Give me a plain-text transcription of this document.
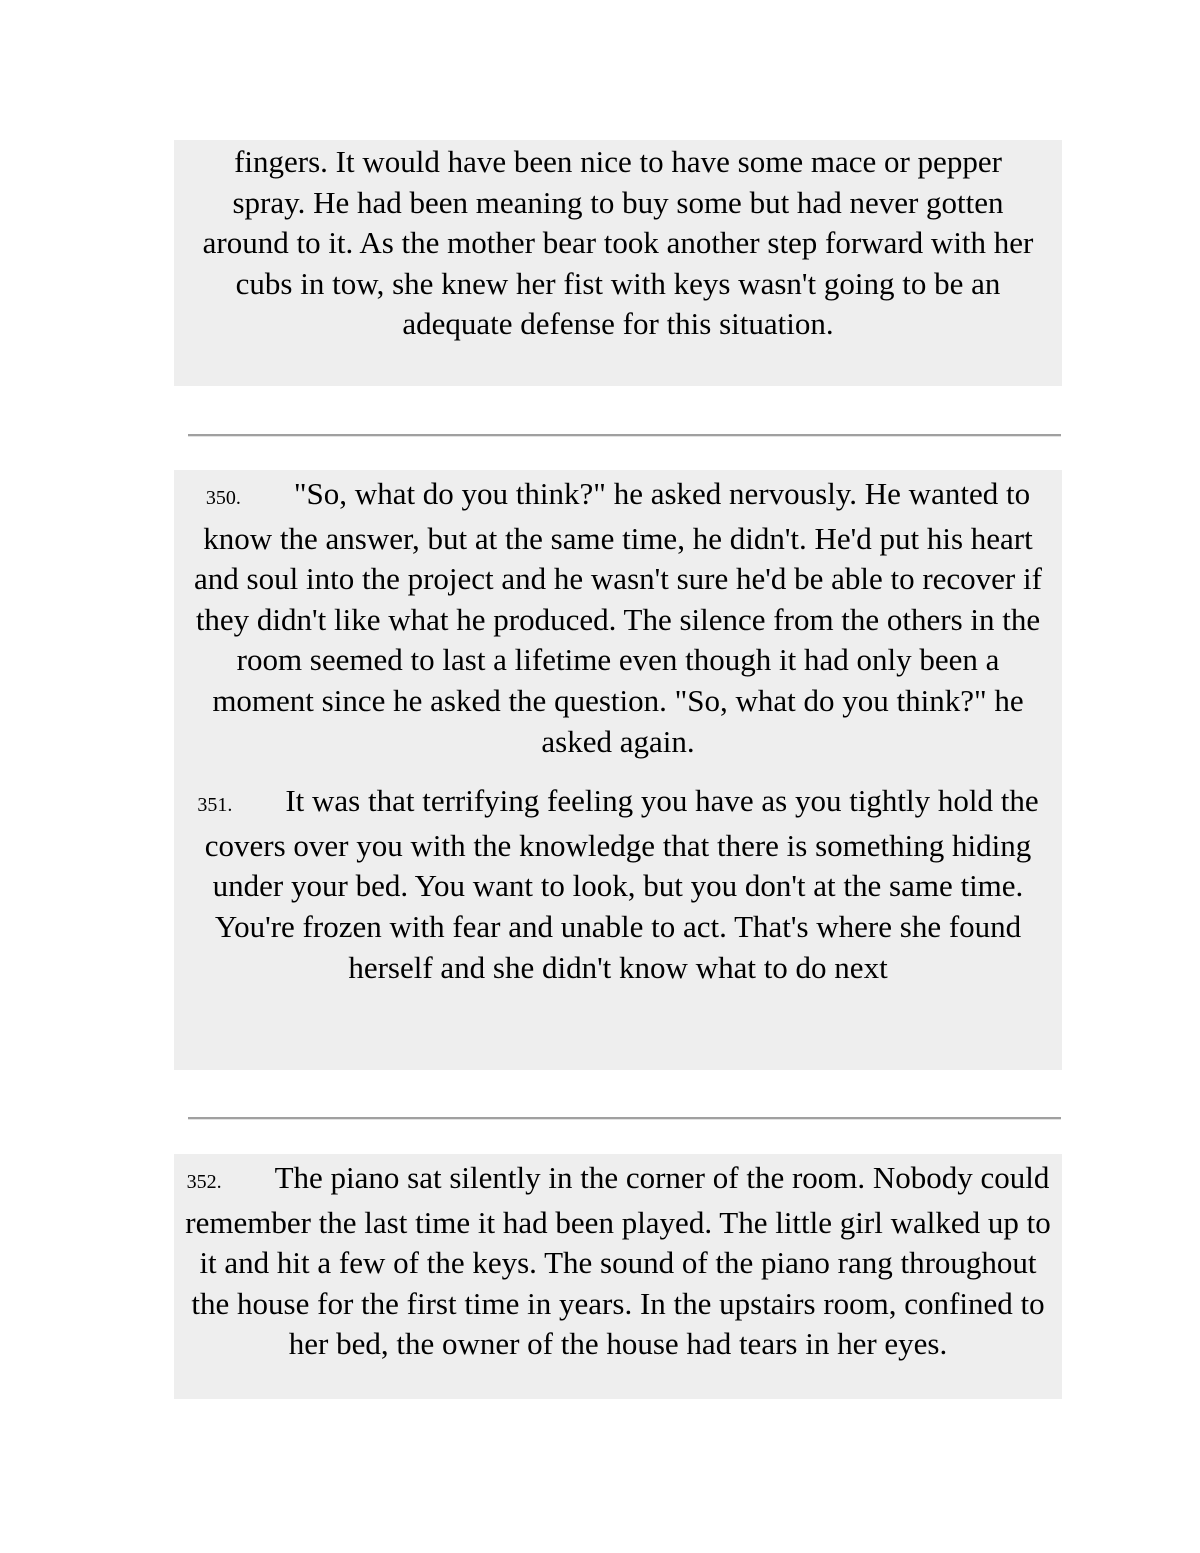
fingers. It would have been nice to have some mace or pepper spray. He had been meaning to buy some but had never gotten around to it. As the mother bear took another step forward with her cubs in tow, she knew her fist with keys wasn't going to be an adequate defense for this situation.

350. "So, what do you think?" he asked nervously. He wanted to know the answer, but at the same time, he didn't. He'd put his heart and soul into the project and he wasn't sure he'd be able to recover if they didn't like what he produced. The silence from the others in the room seemed to last a lifetime even though it had only been a moment since he asked the question. "So, what do you think?" he asked again.

351. It was that terrifying feeling you have as you tightly hold the covers over you with the knowledge that there is something hiding under your bed. You want to look, but you don't at the same time. You're frozen with fear and unable to act. That's where she found herself and she didn't know what to do next

352. The piano sat silently in the corner of the room. Nobody could remember the last time it had been played. The little girl walked up to it and hit a few of the keys. The sound of the piano rang throughout the house for the first time in years. In the upstairs room, confined to her bed, the owner of the house had tears in her eyes.
